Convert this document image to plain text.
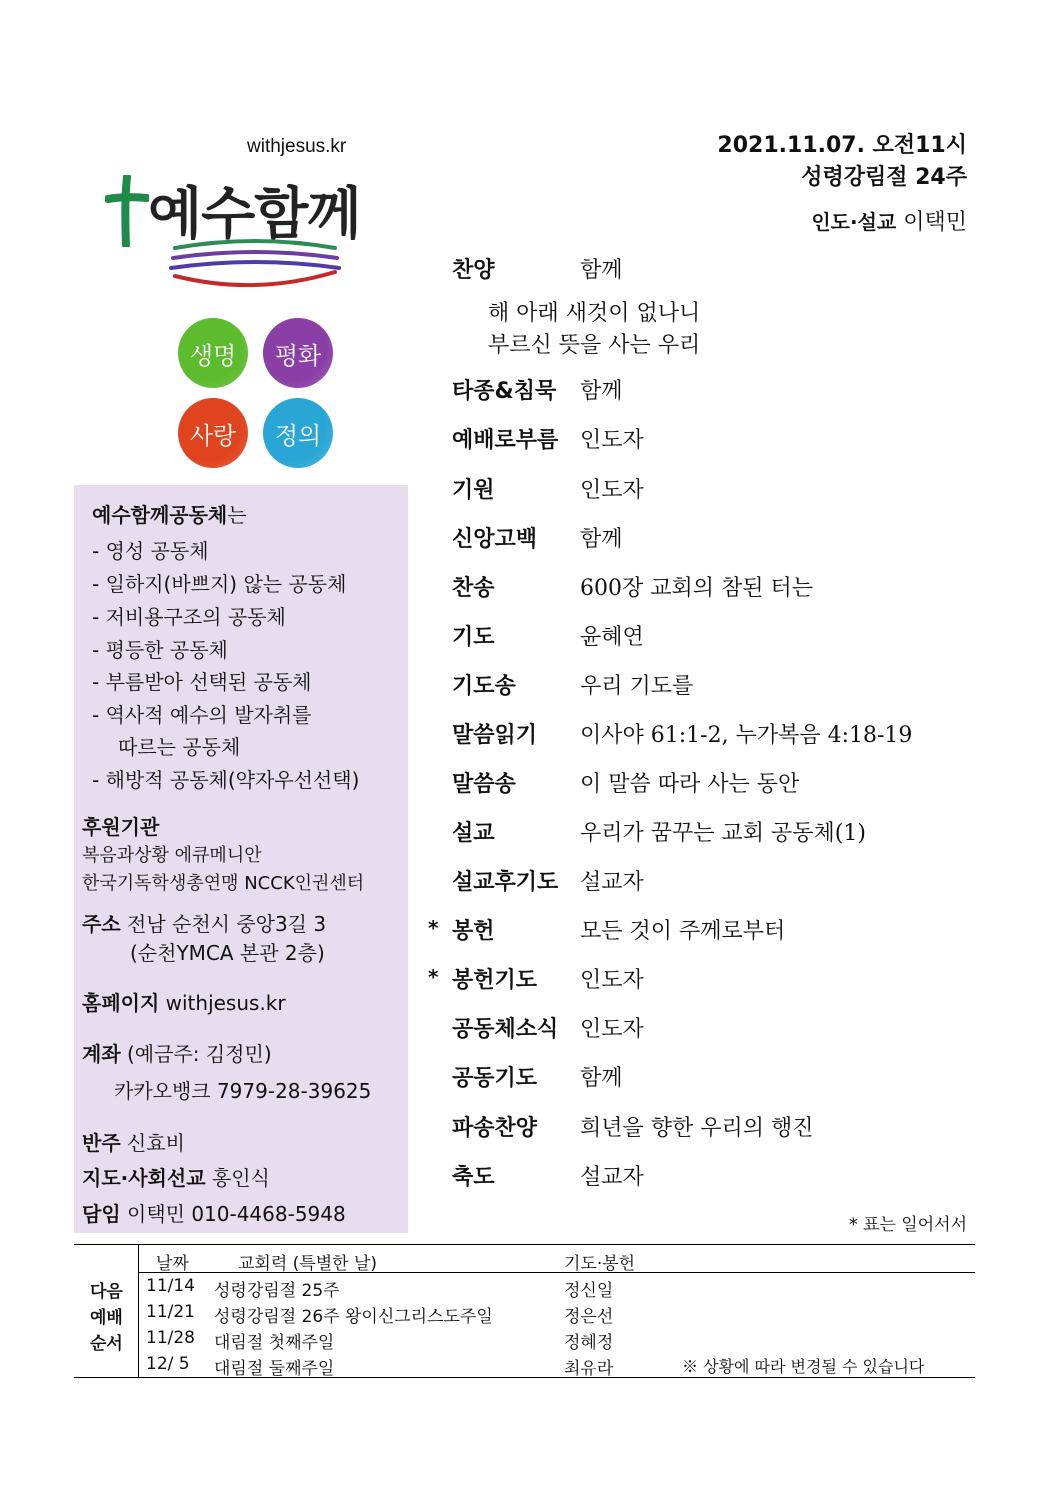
withjesus.kr
예수함께
생명 평화
사랑 정의
2021.11.07. 오전11시
성령강림절 24주
인도·설교 이택민
예수함께공동체는
- 영성 공동체
- 일하지(바쁘지) 않는 공동체
- 저비용구조의 공동체
- 평등한 공동체
- 부름받아 선택된 공동체
- 역사적 예수의 발자취를
따르는 공동체
- 해방적 공동체(약자우선선택)
후원기관
복음과상황 에큐메니안
한국기독학생총연맹 NCCK인권센터
주소 전남 순천시 중앙3길 3
(순천YMCA 본관 2층)
홈페이지 withjesus.kr
계좌 (예금주: 김정민)
카카오뱅크 7979-28-39625
반주 신효비
지도·사회선교 홍인식
담임 이택민 010-4468-5948
찬양	함께
해 아래 새것이 없나니
부르신 뜻을 사는 우리
타종&침묵 함께
예배로부름 인도자
기원	인도자
신앙고백 함께
찬송	600장 교회의 참된 터는
기도	윤혜연
기도송	우리 기도를
말씀읽기 이사야 61:1-2, 누가복음 4:18-19
말씀송	이 말씀 따라 사는 동안
설교	우리가 꿈꾸는 교회 공동체(1)
설교후기도 설교자
* 봉헌	모든 것이 주께로부터
* 봉헌기도 인도자
공동체소식 인도자
공동기도 함께
파송찬양 희년을 향한 우리의 행진
축도	설교자
* 표는 일어서서
다음
예배
순서
날짜	교회력 (특별한 날)	기도·봉헌
11/14 성령강림절 25주	정신일
11/21 성령강림절 26주 왕이신그리스도주일	정은선
11/28 대림절 첫째주일	정혜정
12/ 5 대림절 둘째주일	최유라	※ 상황에 따라 변경될 수 있습니다
